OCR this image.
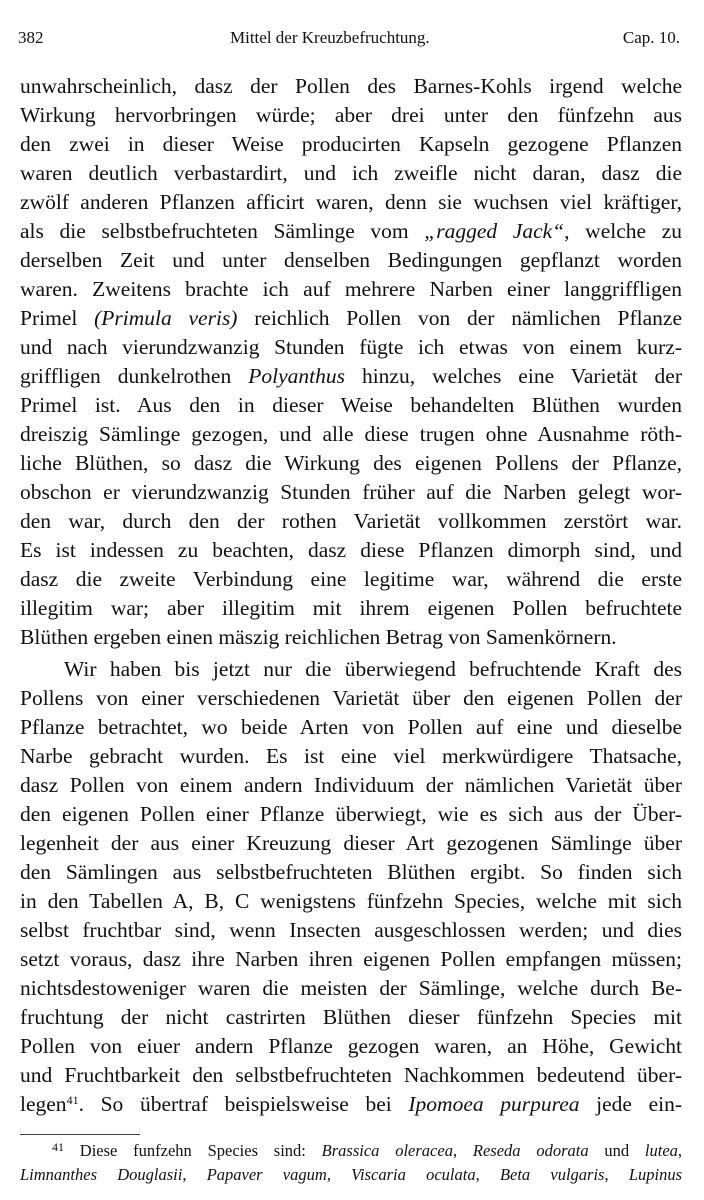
382	Mittel der Kreuzbefruchtung.	Cap. 10.
unwahrscheinlich, dasz der Pollen des Barnes-Kohls irgend welche
Wirkung hervorbringen würde; aber drei unter den fünfzehn aus
den zwei in dieser Weise producirten Kapseln gezogene Pflanzen
waren deutlich verbastardirt, und ich zweifle nicht daran, dasz die
zwölf anderen Pflanzen afficirt waren, denn sie wuchsen viel kräftiger,
als die selbstbefruchteten Sämlinge vom „ragged Jack“, welche zu
derselben Zeit und unter denselben Bedingungen gepflanzt worden
waren. Zweitens brachte ich auf mehrere Narben einer langgriffligen
Primel (Primula veris) reichlich Pollen von der nämlichen Pflanze
und nach vierundzwanzig Stunden fügte ich etwas von einem kurz-
griffligen dunkelrothen Polyanthus hinzu, welches eine Varietät der
Primel ist. Aus den in dieser Weise behandelten Blüthen wurden
dreiszig Sämlinge gezogen, und alle diese trugen ohne Ausnahme röth-
liche Blüthen, so dasz die Wirkung des eigenen Pollens der Pflanze,
obschon er vierundzwanzig Stunden früher auf die Narben gelegt wor-
den war, durch den der rothen Varietät vollkommen zerstört war.
Es ist indessen zu beachten, dasz diese Pflanzen dimorph sind, und
dasz die zweite Verbindung eine legitime war, während die erste
illegitim war; aber illegitim mit ihrem eigenen Pollen befruchtete
Blüthen ergeben einen mäszig reichlichen Betrag von Samenkörnern.
Wir haben bis jetzt nur die überwiegend befruchtende Kraft des
Pollens von einer verschiedenen Varietät über den eigenen Pollen der
Pflanze betrachtet, wo beide Arten von Pollen auf eine und dieselbe
Narbe gebracht wurden. Es ist eine viel merkwürdigere Thatsache,
dasz Pollen von einem andern Individuum der nämlichen Varietät über
den eigenen Pollen einer Pflanze überwiegt, wie es sich aus der Über-
legenheit der aus einer Kreuzung dieser Art gezogenen Sämlinge über
den Sämlingen aus selbstbefruchteten Blüthen ergibt. So finden sich
in den Tabellen A, B, C wenigstens fünfzehn Species, welche mit sich
selbst fruchtbar sind, wenn Insecten ausgeschlossen werden; und dies
setzt voraus, dasz ihre Narben ihren eigenen Pollen empfangen müssen;
nichtsdestoweniger waren die meisten der Sämlinge, welche durch Be-
fruchtung der nicht castrirten Blüthen dieser fünfzehn Species mit
Pollen von eiuer andern Pflanze gezogen waren, an Höhe, Gewicht
und Fruchtbarkeit den selbstbefruchteten Nachkommen bedeutend über-
legen$^{41}$. So übertraf beispielsweise bei Ipomoea purpurea jede ein-
$^{41}$ Diese funfzehn Species sind: Brassica oleracea, Reseda odorata und lutea,
Limnanthes Douglasii, Papaver vagum, Viscaria oculata, Beta vulgaris, Lupinus
